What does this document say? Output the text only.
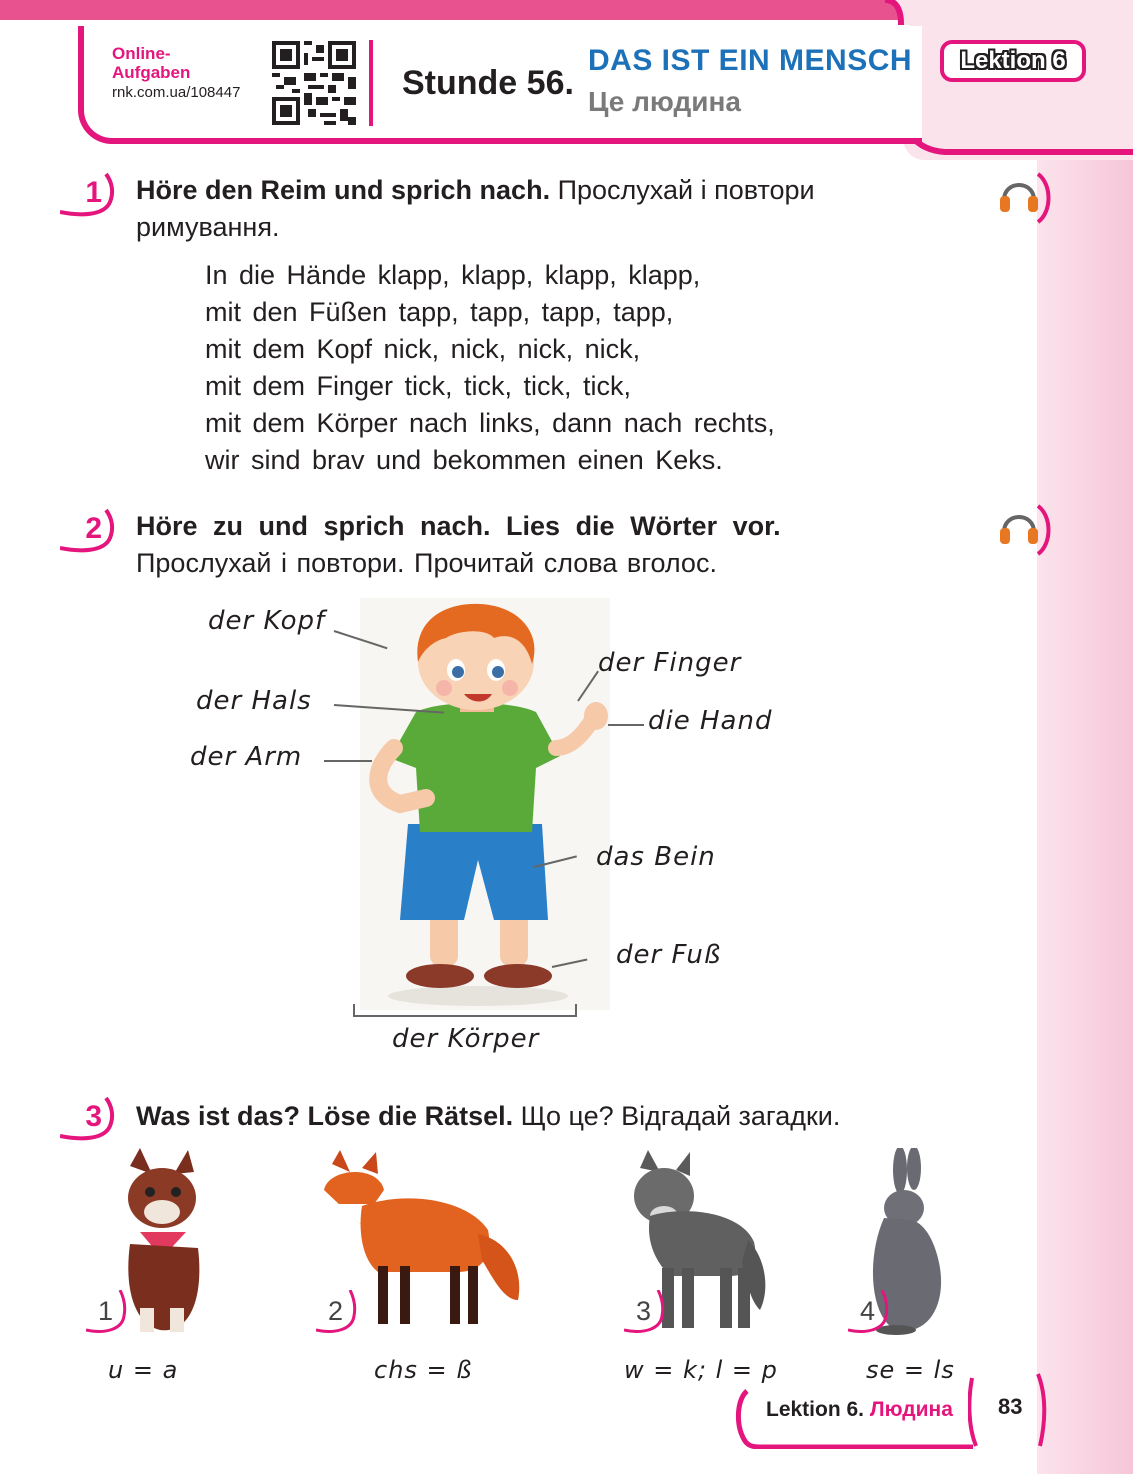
Online-
Aufgaben
rnk.com.ua/108447	Stunde 56.
DAS IST EIN MENSCH
Це людина
Lektion 6
1 Höre den Reim und sprich nach. Прослухай і повтори
римування.
In die Hände klapp, klapp, klapp, klapp,
mit den Füßen tapp, tapp, tapp, tapp,
mit dem Kopf nick, nick, nick, nick,
mit dem Finger tick, tick, tick, tick,
mit dem Körper nach links, dann nach rechts,
wir sind brav und bekommen einen Keks.
2 Höre zu und sprich nach. Lies die Wörter vor.
Прослухай і повтори. Прочитай слова вголос.
der Kopf
der Hals
der Arm
der Finger
die Hand
das Bein
der Fuß
der Körper
3 Was ist das? Löse die Rätsel. Що це? Відгадай загадки.
1
u = a
2
chs = ß
3
w = k; l = p
4
se = ls
Lektion 6. Людина 83
